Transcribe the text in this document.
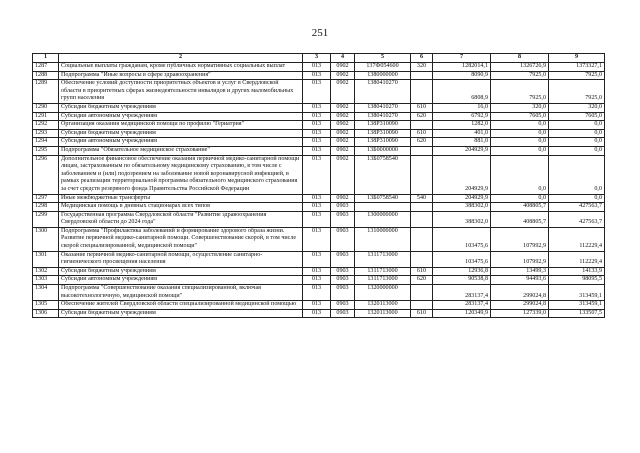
251
1	2	3	4	5	6	7	8	9
1287	Социальные выплаты гражданам, кроме публичных нормативных социальных выплат	013	0902	137Ф054600	320	1282014,1	1326726,9	1373327,1
1288	Подпрограмма "Иные вопросы в сфере здравоохранения"	013	0902	1380000000		8090,9	7925,0	7925,0
1289	Обеспечение условий доступности приоритетных объектов и услуг в Свердловской области в приоритетных сферах жизнедеятельности инвалидов и других маломобильных групп населения	013	0902	1380410270		6808,9	7925,0	7925,0
1290	Субсидии бюджетным учреждениям	013	0902	1380410270	610	16,0	320,0	320,0
1291	Субсидии автономным учреждениям	013	0902	1380410270	620	6792,9	7605,0	7605,0
1292	Организация оказания медицинской помощи по профилю "Гериатрия"	013	0902	138P310090		1282,0	0,0	0,0
1293	Субсидии бюджетным учреждениям	013	0902	138P310090	610	401,0	0,0	0,0
1294	Субсидии автономным учреждениям	013	0902	138P310090	620	881,0	0,0	0,0
1295	Подпрограмма "Обязательное медицинское страхование"	013	0902	13Б0000000		204929,9	0,0	0,0
1296	Дополнительное финансовое обеспечение оказания первичной медико-санитарной помощи лицам, застрахованным по обязательному медицинскому страхованию, в том числе с заболеванием и (или) подозрением на заболевание новой коронавирусной инфекцией, в рамках реализации территориальной программы обязательного медицинского страхования за счет средств резервного фонда Правительства Российской Федерации	013	0902	13Б0758540		204929,9	0,0	0,0
1297	Иные межбюджетные трансферты	013	0902	13Б0758540	540	204929,9	0,0	0,0
1298	Медицинская помощь в дневных стационарах всех типов	013	0903			388302,0	408805,7	427563,7
1299	Государственная программа Свердловской области "Развитие здравоохранения Свердловской области до 2024 года"	013	0903	1300000000		388302,0	408805,7	427563,7
1300	Подпрограмма "Профилактика заболеваний и формирование здорового образа жизни. Развитие первичной медико-санитарной помощи. Совершенствование скорой, в том числе скорой специализированной, медицинской помощи"	013	0903	1310000000		103475,6	107992,9	112229,4
1301	Оказание первичной медико-санитарной помощи, осуществление санитарно-гигиенического просвещения населения	013	0903	1311713000		103475,6	107992,9	112229,4
1302	Субсидии бюджетным учреждениям	013	0903	1311713000	610	12936,8	13499,3	14133,9
1303	Субсидии автономным учреждениям	013	0903	1311713000	620	90538,8	94493,6	98095,5
1304	Подпрограмма "Совершенствование оказания специализированной, включая высокотехнологичную, медицинской помощи"	013	0903	1320000000		283137,4	299024,8	313459,1
1305	Обеспечение жителей Свердловской области специализированной медицинской помощью	013	0903	1320113000		283137,4	299024,8	313459,1
1306	Субсидии бюджетным учреждениям	013	0903	1320113000	610	120349,9	127339,0	133507,5
